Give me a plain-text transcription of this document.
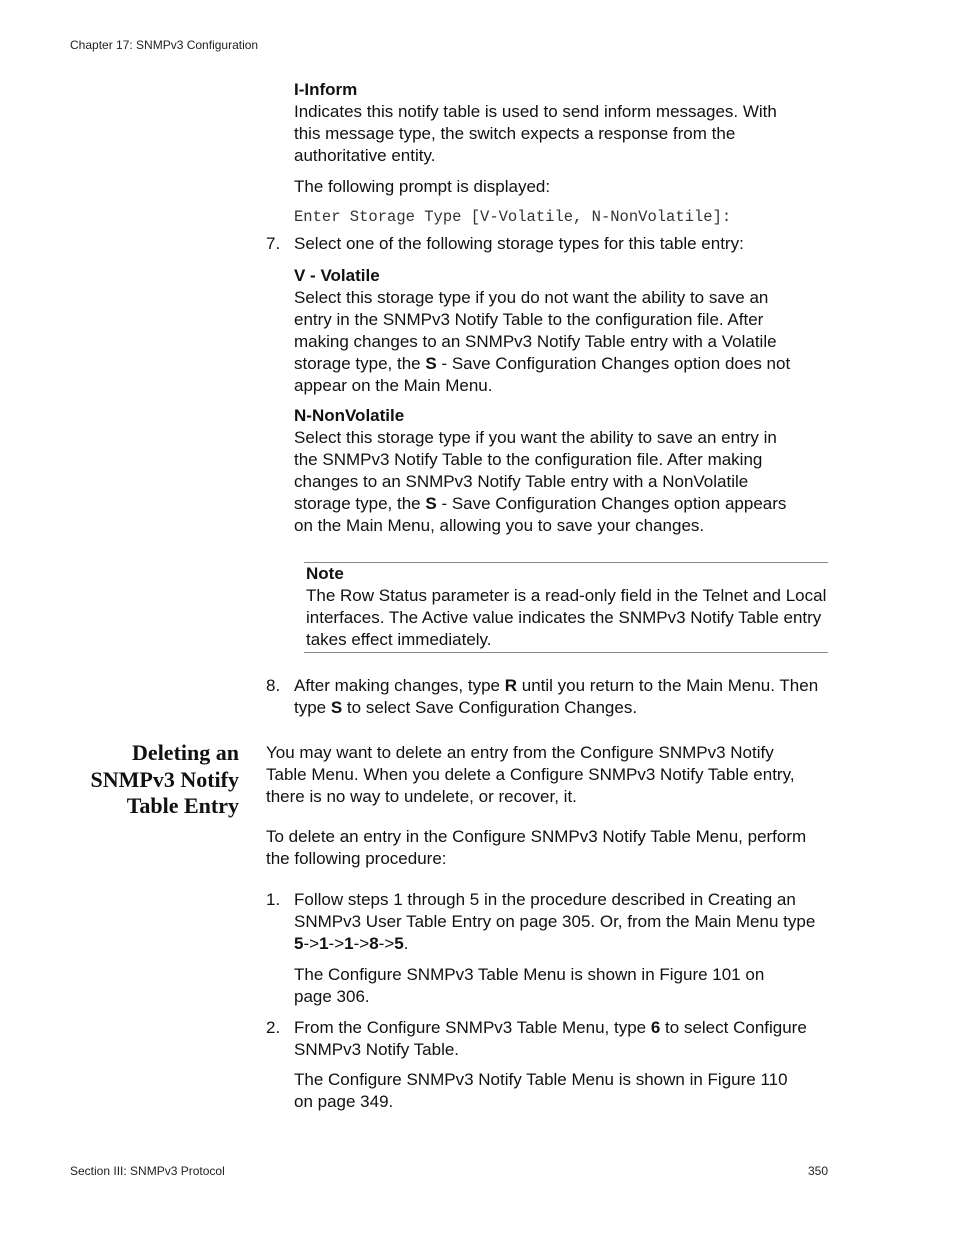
Chapter 17: SNMPv3 Configuration
I-Inform
Indicates this notify table is used to send inform messages. With
this message type, the switch expects a response from the
authoritative entity.
The following prompt is displayed:
Enter Storage Type [V-Volatile, N-NonVolatile]:
7. Select one of the following storage types for this table entry:
V - Volatile
Select this storage type if you do not want the ability to save an
entry in the SNMPv3 Notify Table to the configuration file. After
making changes to an SNMPv3 Notify Table entry with a Volatile
storage type, the S - Save Configuration Changes option does not
appear on the Main Menu.
N-NonVolatile
Select this storage type if you want the ability to save an entry in
the SNMPv3 Notify Table to the configuration file. After making
changes to an SNMPv3 Notify Table entry with a NonVolatile
storage type, the S - Save Configuration Changes option appears
on the Main Menu, allowing you to save your changes.
Note
The Row Status parameter is a read-only field in the Telnet and Local
interfaces. The Active value indicates the SNMPv3 Notify Table entry
takes effect immediately.
8. After making changes, type R until you return to the Main Menu. Then
type S to select Save Configuration Changes.
Deleting an
SNMPv3 Notify
Table Entry
You may want to delete an entry from the Configure SNMPv3 Notify
Table Menu. When you delete a Configure SNMPv3 Notify Table entry,
there is no way to undelete, or recover, it.
To delete an entry in the Configure SNMPv3 Notify Table Menu, perform
the following procedure:
1. Follow steps 1 through 5 in the procedure described in Creating an
SNMPv3 User Table Entry on page 305. Or, from the Main Menu type
5->1->1->8->5.
The Configure SNMPv3 Table Menu is shown in Figure 101 on
page 306.
2. From the Configure SNMPv3 Table Menu, type 6 to select Configure
SNMPv3 Notify Table.
The Configure SNMPv3 Notify Table Menu is shown in Figure 110
on page 349.
Section III: SNMPv3 Protocol	350
